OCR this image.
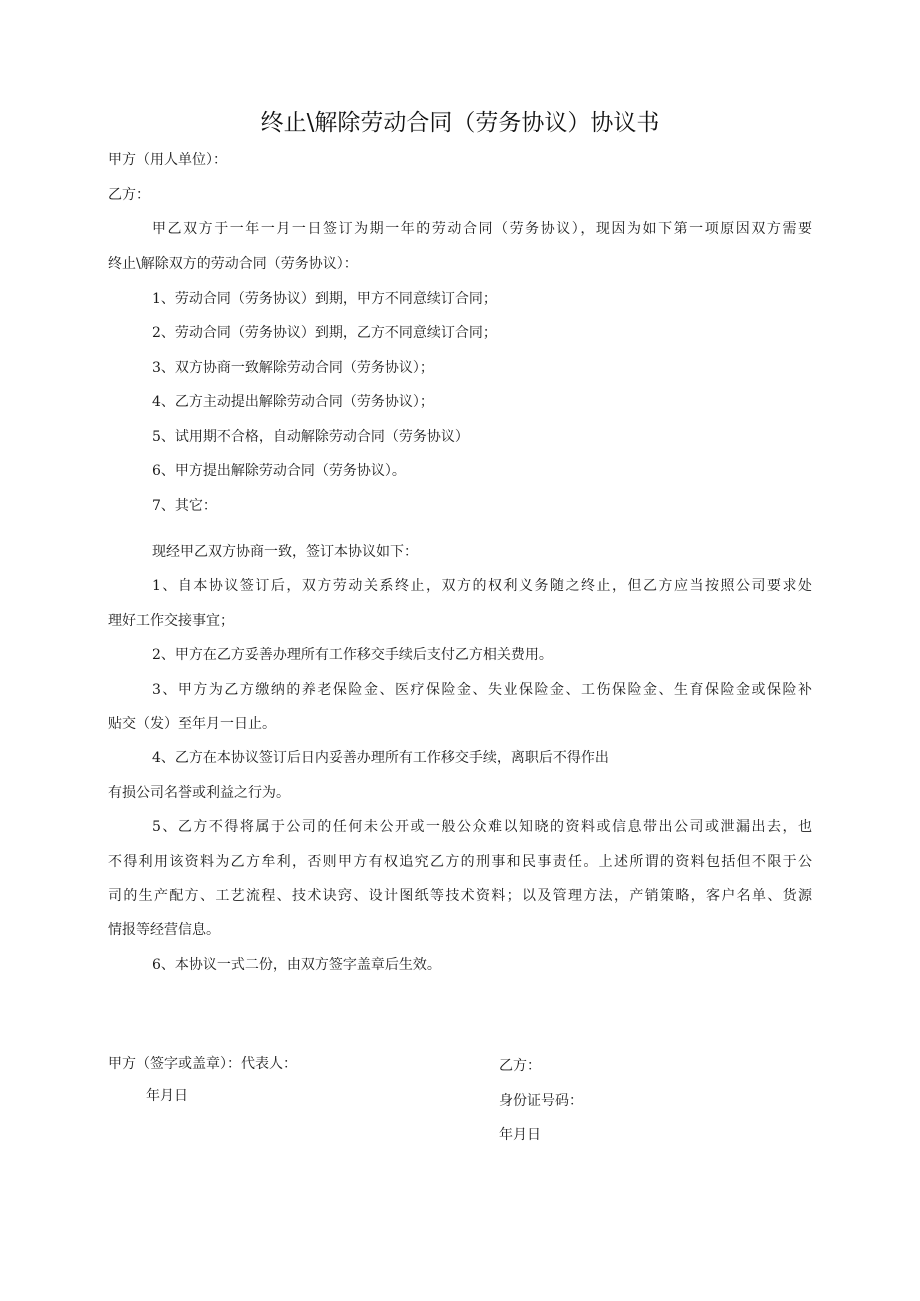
终止\解除劳动合同（劳务协议）协议书
甲方（用人单位）：
乙方：
甲乙双方于一年一月一日签订为期一年的劳动合同（劳务协议），现因为如下第一项原因双方需要
终止\解除双方的劳动合同（劳务协议）：
1、劳动合同（劳务协议）到期，甲方不同意续订合同；
2、劳动合同（劳务协议）到期，乙方不同意续订合同；
3、双方协商一致解除劳动合同（劳务协议）；
4、乙方主动提出解除劳动合同（劳务协议）；
5、试用期不合格，自动解除劳动合同（劳务协议）
6、甲方提出解除劳动合同（劳务协议）。
7、其它：
现经甲乙双方协商一致，签订本协议如下：
1、自本协议签订后，双方劳动关系终止，双方的权利义务随之终止，但乙方应当按照公司要求处
理好工作交接事宜；
2、甲方在乙方妥善办理所有工作移交手续后支付乙方相关费用。
3、甲方为乙方缴纳的养老保险金、医疗保险金、失业保险金、工伤保险金、生育保险金或保险补
贴交（发）至年月一日止。
4、乙方在本协议签订后日内妥善办理所有工作移交手续，离职后不得作出
有损公司名誉或利益之行为。
5、乙方不得将属于公司的任何未公开或一般公众难以知晓的资料或信息带出公司或泄漏出去，也
不得利用该资料为乙方牟利，否则甲方有权追究乙方的刑事和民事责任。上述所谓的资料包括但不限于公
司的生产配方、工艺流程、技术诀窍、设计图纸等技术资料；以及管理方法，产销策略，客户名单、货源
情报等经营信息。
6、本协议一式二份，由双方签字盖章后生效。
甲方（签字或盖章）：代表人：
年月日
乙方：
身份证号码：
年月日
